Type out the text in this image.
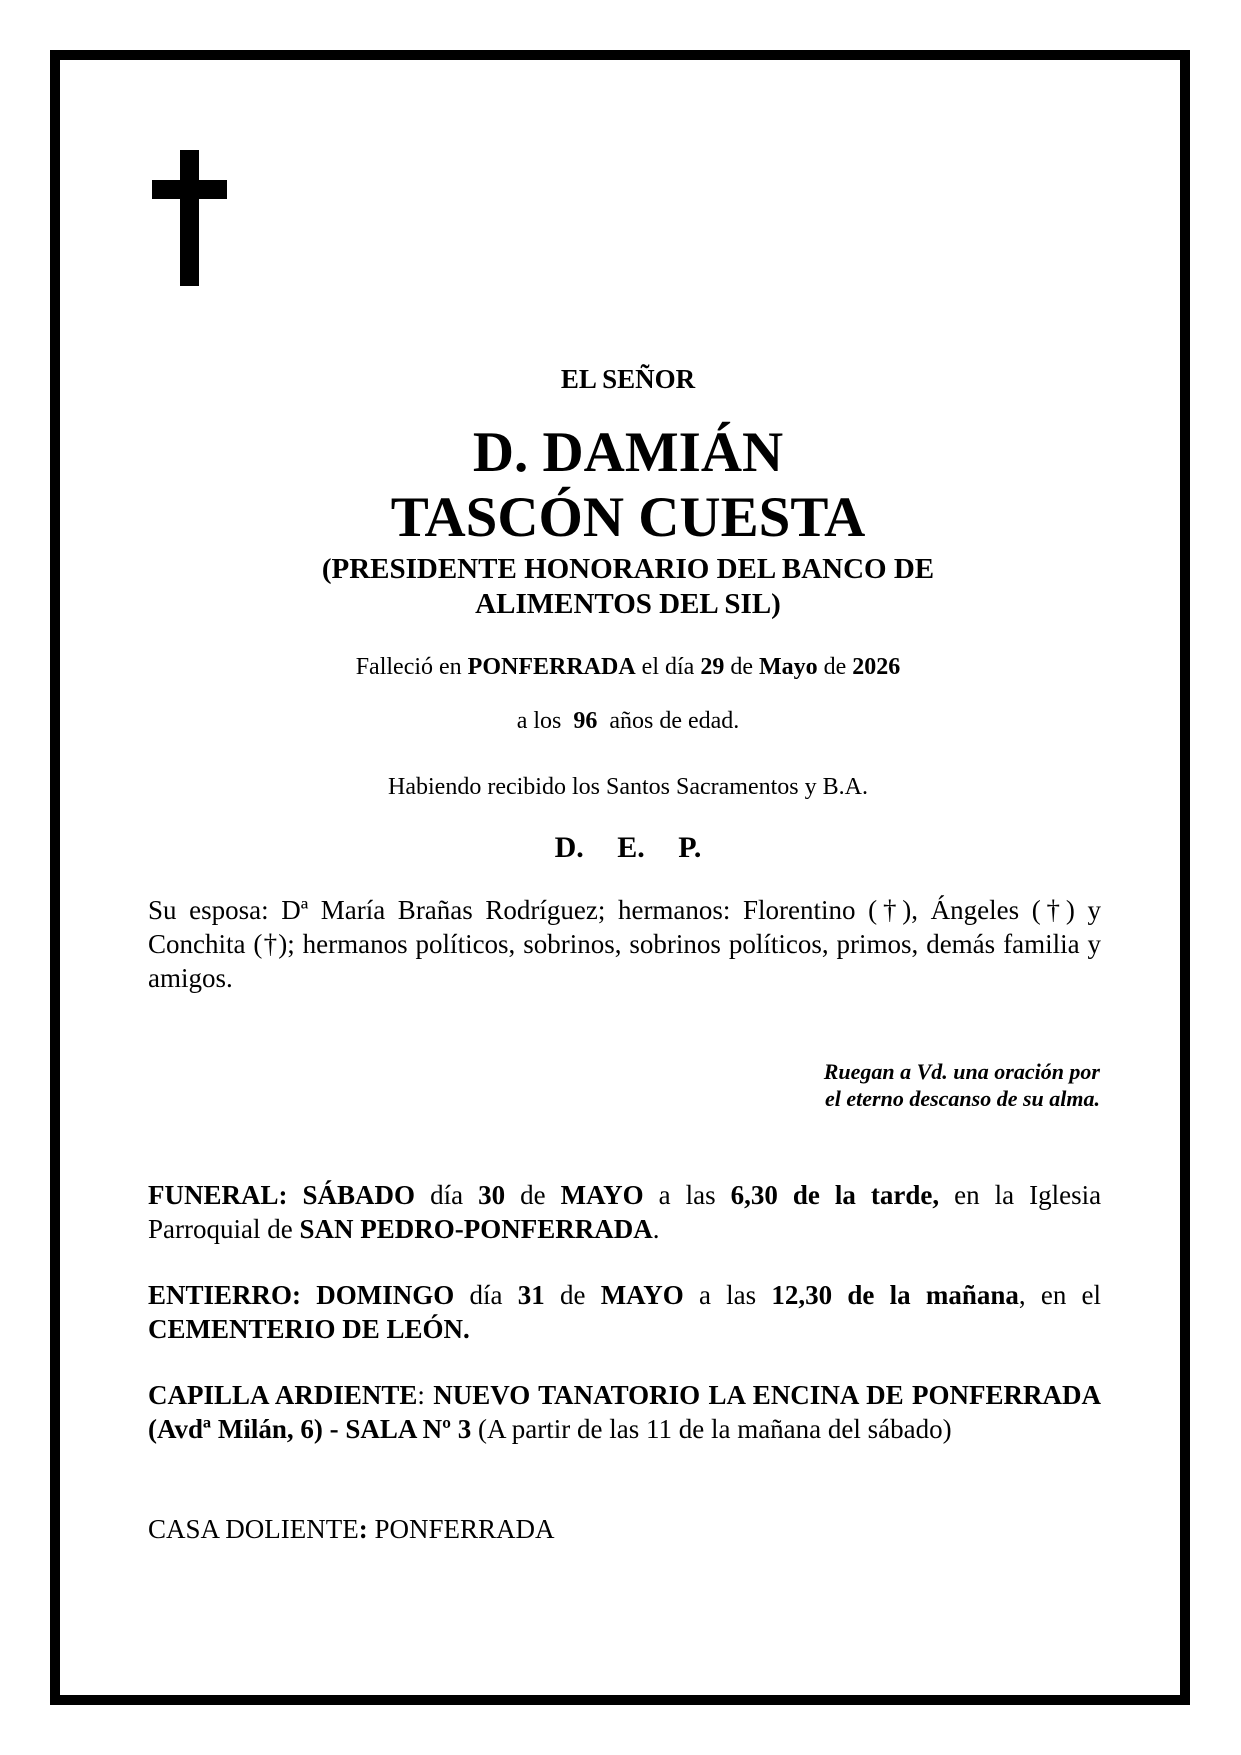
EL SEÑOR
D. DAMIÁN
TASCÓN CUESTA
(PRESIDENTE HONORARIO DEL BANCO DE
ALIMENTOS DEL SIL)
Falleció en PONFERRADA el día 29 de Mayo de 2026
a los 96 años de edad.
Habiendo recibido los Santos Sacramentos y B.A.
D. E. P.
Su esposa: Dª María Brañas Rodríguez; hermanos: Florentino (†), Ángeles (†) y Conchita (†); hermanos políticos, sobrinos, sobrinos políticos, primos, demás familia y amigos.
Ruegan a Vd. una oración por
el eterno descanso de su alma.
FUNERAL: SÁBADO día 30 de MAYO a las 6,30 de la tarde, en la Iglesia Parroquial de SAN PEDRO-PONFERRADA.
ENTIERRO: DOMINGO día 31 de MAYO a las 12,30 de la mañana, en el CEMENTERIO DE LEÓN.
CAPILLA ARDIENTE: NUEVO TANATORIO LA ENCINA DE PONFERRADA (Avdª Milán, 6) - SALA Nº 3 (A partir de las 11 de la mañana del sábado)
CASA DOLIENTE: PONFERRADA
